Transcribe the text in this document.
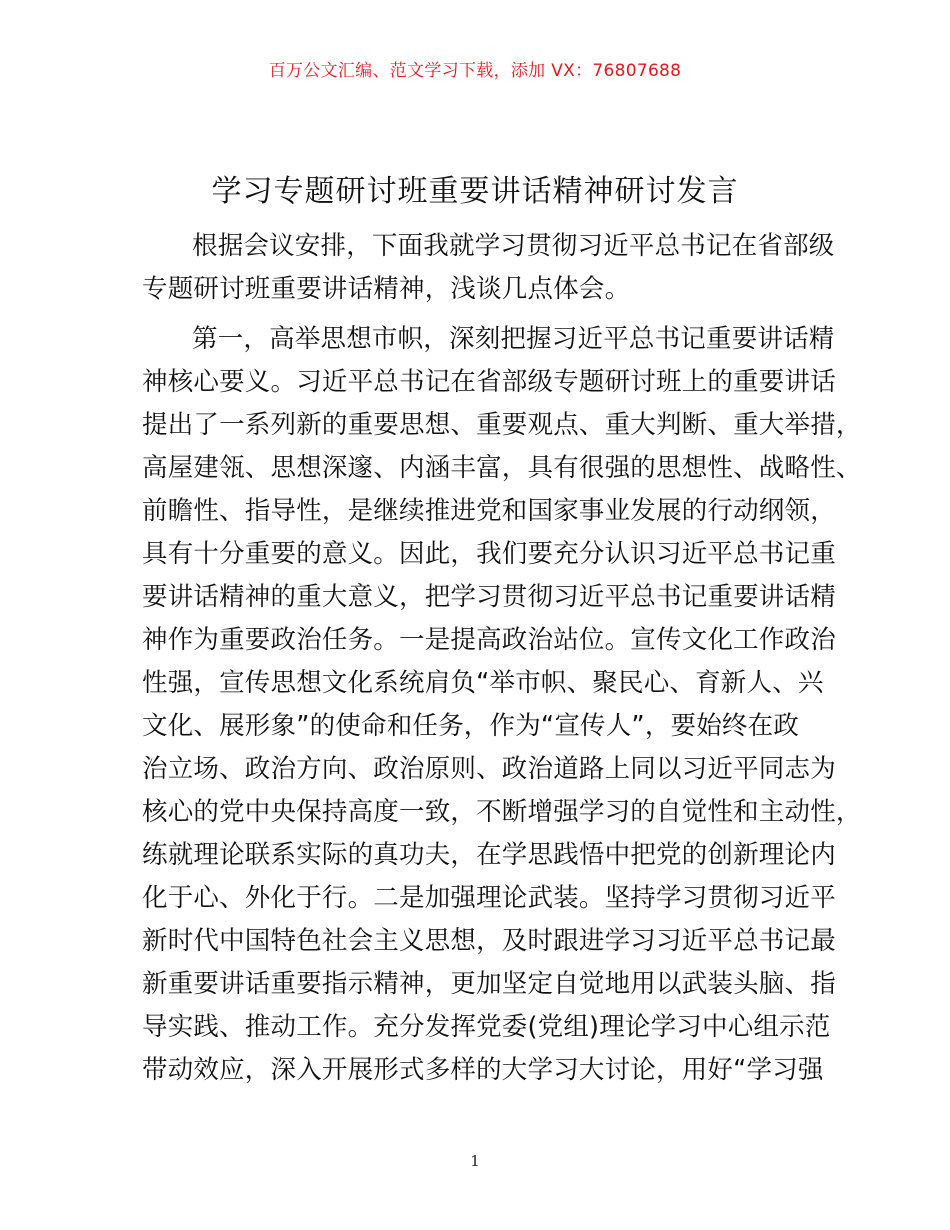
百万公文汇编、范文学习下载，添加 VX：76807688
学习专题研讨班重要讲话精神研讨发言
根据会议安排，下面我就学习贯彻习近平总书记在省部级
专题研讨班重要讲话精神，浅谈几点体会。
第一，高举思想市帜，深刻把握习近平总书记重要讲话精
神核心要义。习近平总书记在省部级专题研讨班上的重要讲话
提出了一系列新的重要思想、重要观点、重大判断、重大举措，
高屋建瓴、思想深邃、内涵丰富，具有很强的思想性、战略性、
前瞻性、指导性，是继续推进党和国家事业发展的行动纲领，
具有十分重要的意义。因此，我们要充分认识习近平总书记重
要讲话精神的重大意义，把学习贯彻习近平总书记重要讲话精
神作为重要政治任务。一是提高政治站位。宣传文化工作政治
性强，宣传思想文化系统肩负“举市帜、聚民心、育新人、兴
文化、展形象”的使命和任务，作为“宣传人”，要始终在政
治立场、政治方向、政治原则、政治道路上同以习近平同志为
核心的党中央保持高度一致，不断增强学习的自觉性和主动性，
练就理论联系实际的真功夫，在学思践悟中把党的创新理论内
化于心、外化于行。二是加强理论武装。坚持学习贯彻习近平
新时代中国特色社会主义思想，及时跟进学习习近平总书记最
新重要讲话重要指示精神，更加坚定自觉地用以武装头脑、指
导实践、推动工作。充分发挥党委(党组)理论学习中心组示范
带动效应，深入开展形式多样的大学习大讨论，用好“学习强
1
